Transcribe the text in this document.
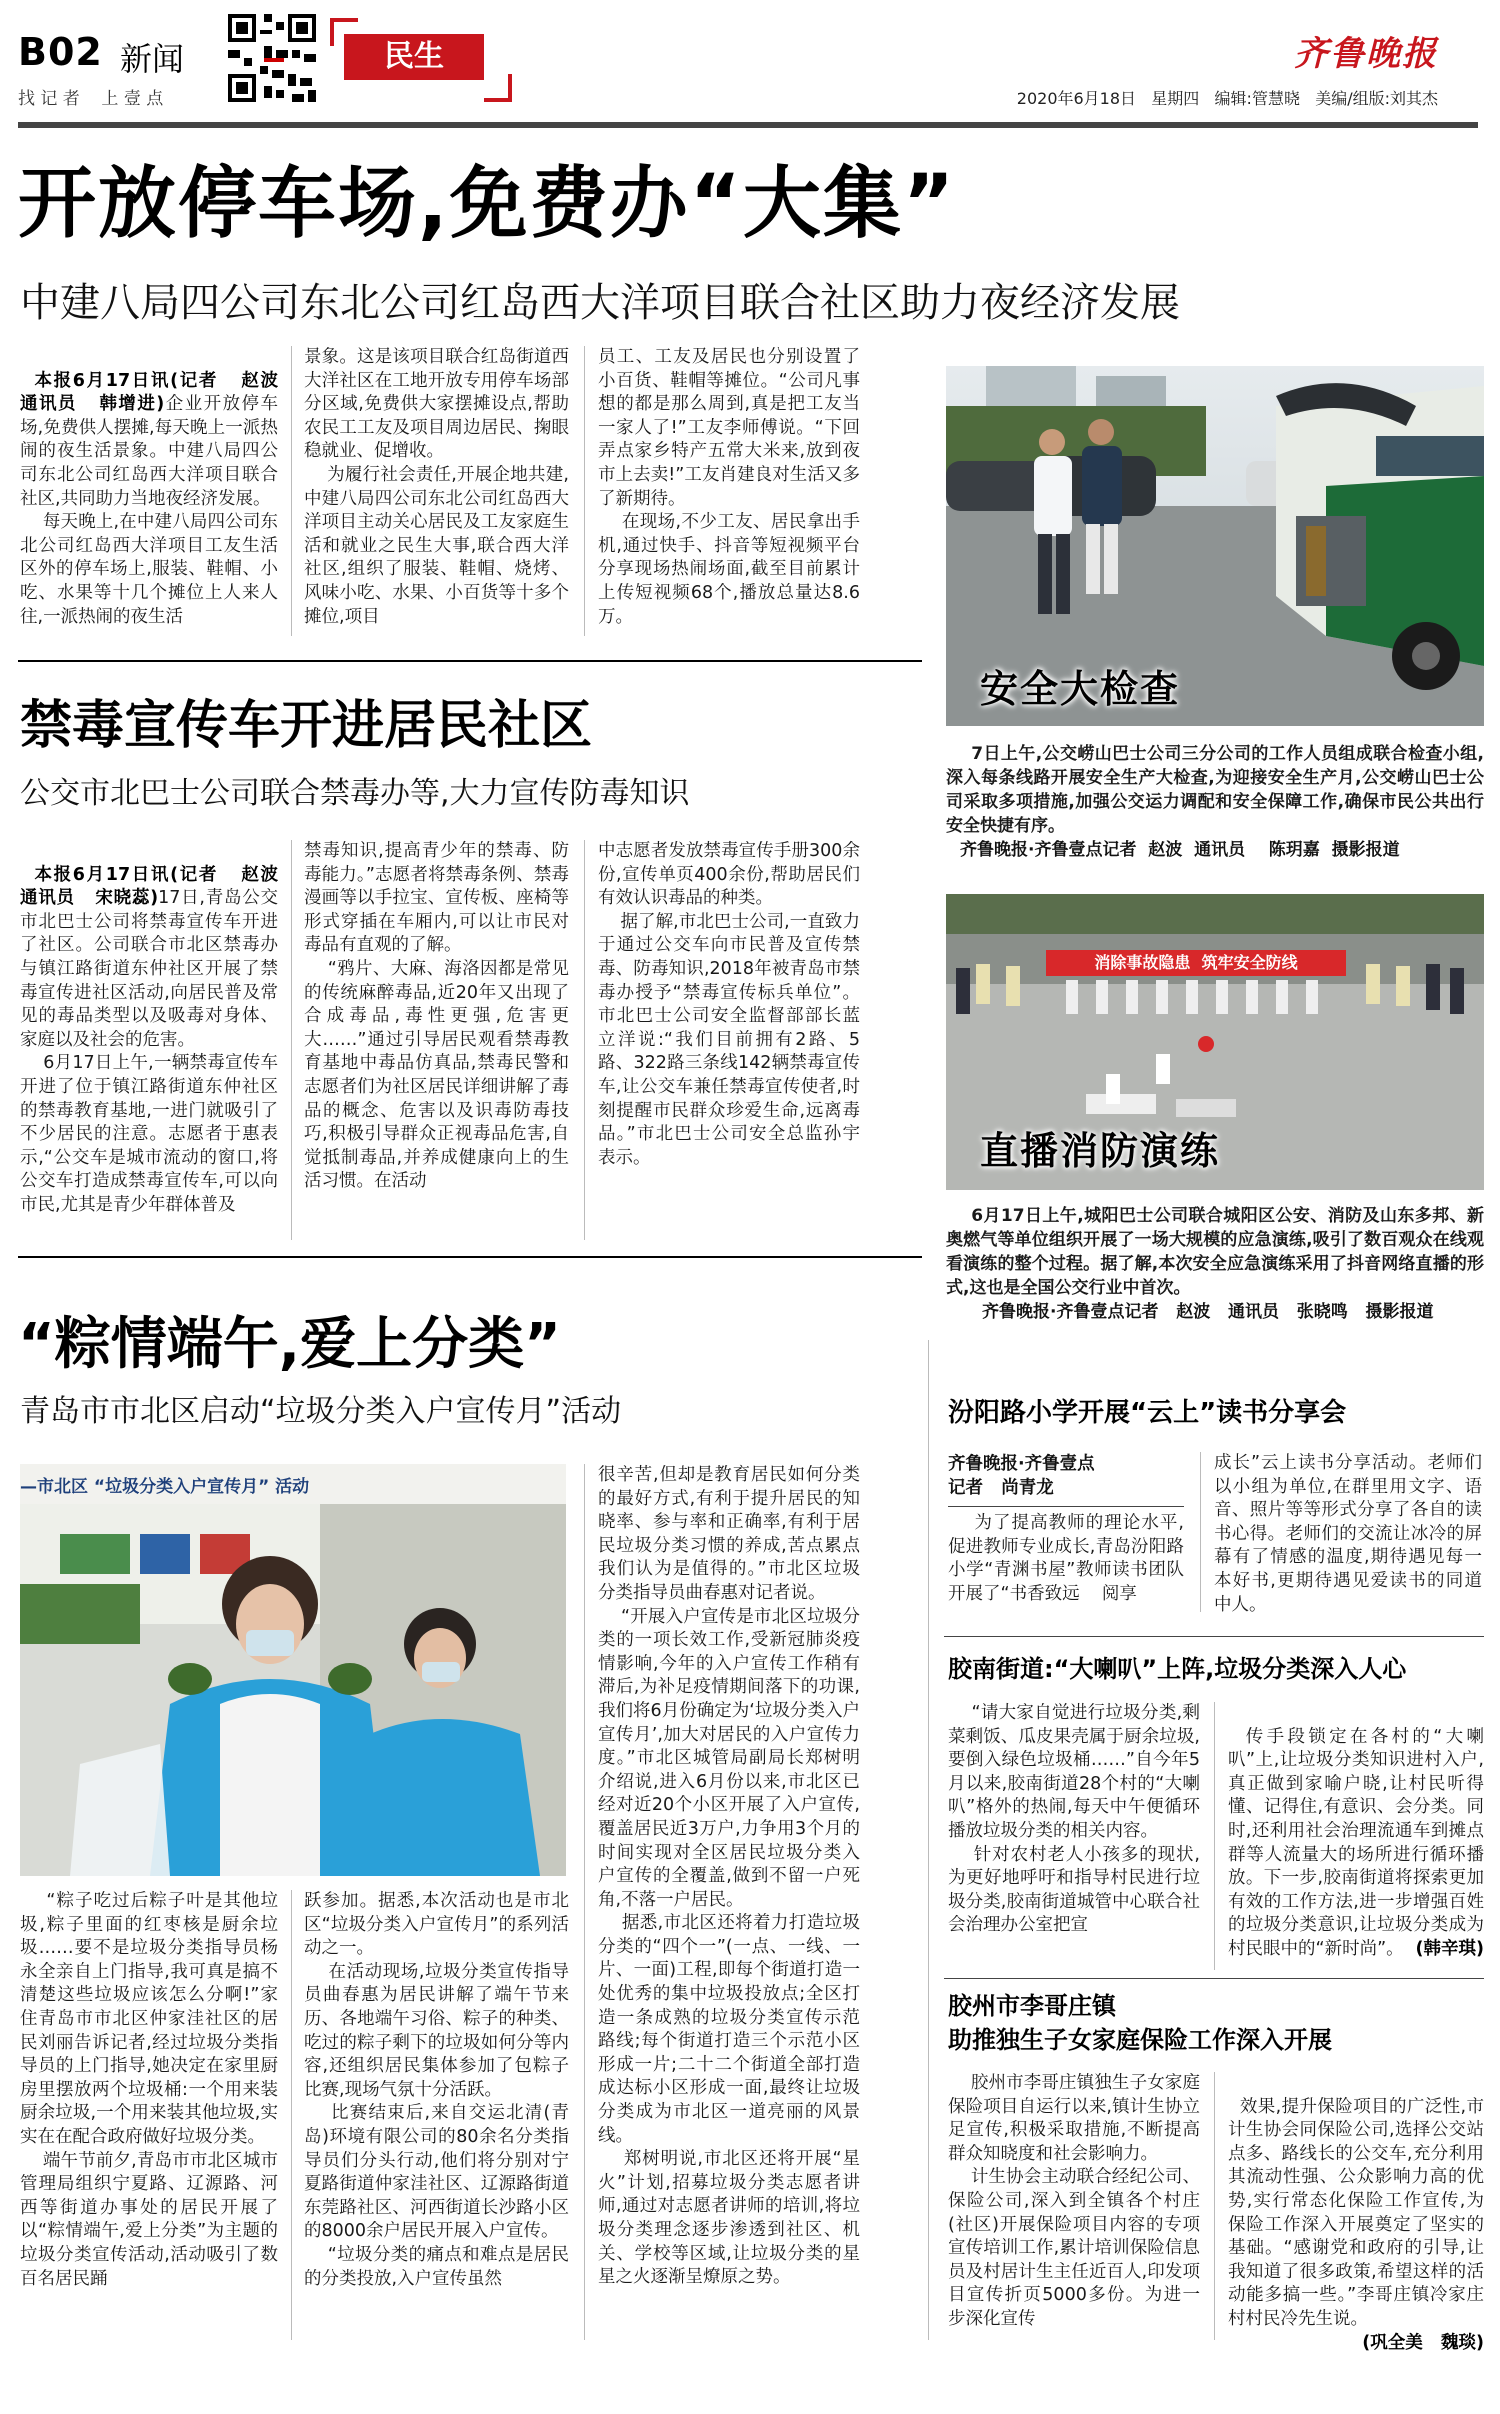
B02 新闻
找 记 者    上 壹 点
民生	齐鲁晚报
2020年6月18日   星期四   编辑:管慧晓   美编/组版:刘其杰
开放停车场,免费办“大集”
中建八局四公司东北公司红岛西大洋项目联合社区助力夜经济发展

本报6月17日讯(记者   赵波  通讯员   韩增进)企业开放停车场,免费供人摆摊,每天晚上一派热闹的夜生活景象。中建八局四公司东北公司红岛西大洋项目联合社区,共同助力当地夜经济发展。
每天晚上,在中建八局四公司东北公司红岛西大洋项目工友生活区外的停车场上,服装、鞋帽、小吃、水果等十几个摊位上人来人往,一派热闹的夜生活

景象。这是该项目联合红岛街道西大洋社区在工地开放专用停车场部分区域,免费供大家摆摊设点,帮助农民工工友及项目周边居民、掬眼稳就业、促增收。
为履行社会责任,开展企地共建,中建八局四公司东北公司红岛西大洋项目主动关心居民及工友家庭生活和就业之民生大事,联合西大洋社区,组织了服装、鞋帽、烧烤、风味小吃、水果、小百货等十多个摊位,项目
员工、工友及居民也分别设置了小百货、鞋帽等摊位。“公司凡事想的都是那么周到,真是把工友当一家人了!”工友李师傅说。“下回弄点家乡特产五常大米来,放到夜市上去卖!”工友肖建良对生活又多了新期待。
在现场,不少工友、居民拿出手机,通过快手、抖音等短视频平台分享现场热闹场面,截至目前累计上传短视频68个,播放总量达8.6万。
安全大检查
7日上午,公交崂山巴士公司三分公司的工作人员组成联合检查小组,深入每条线路开展安全生产大检查,为迎接安全生产月,公交崂山巴士公司采取多项措施,加强公交运力调配和安全保障工作,确保市民公共出行安全快捷有序。
齐鲁晚报·齐鲁壹点记者  赵波  通讯员    陈玥嘉  摄影报道
禁毒宣传车开进居民社区
公交市北巴士公司联合禁毒办等,大力宣传防毒知识

本报6月17日讯(记者   赵波  通讯员   宋晓蕊)17日,青岛公交市北巴士公司将禁毒宣传车开进了社区。公司联合市北区禁毒办与镇江路街道东仲社区开展了禁毒宣传进社区活动,向居民普及常见的毒品类型以及吸毒对身体、家庭以及社会的危害。
6月17日上午,一辆禁毒宣传车开进了位于镇江路街道东仲社区的禁毒教育基地,一进门就吸引了不少居民的注意。志愿者于惠表示,“公交车是城市流动的窗口,将公交车打造成禁毒宣传车,可以向市民,尤其是青少年群体普及

禁毒知识,提高青少年的禁毒、防毒能力。”志愿者将禁毒条例、禁毒漫画等以手拉宝、宣传板、座椅等形式穿插在车厢内,可以让市民对毒品有直观的了解。
“鸦片、大麻、海洛因都是常见的传统麻醉毒品,近20年又出现了合成毒品,毒性更强,危害更大……”通过引导居民观看禁毒教育基地中毒品仿真品,禁毒民警和志愿者们为社区居民详细讲解了毒品的概念、危害以及识毒防毒技巧,积极引导群众正视毒品危害,自觉抵制毒品,并养成健康向上的生活习惯。在活动
中志愿者发放禁毒宣传手册300余份,宣传单页400余份,帮助居民们有效认识毒品的种类。
据了解,市北巴士公司,一直致力于通过公交车向市民普及宣传禁毒、防毒知识,2018年被青岛市禁毒办授予“禁毒宣传标兵单位”。市北巴士公司安全监督部部长蓝立洋说:“我们目前拥有2路、5路、322路三条线142辆禁毒宣传车,让公交车兼任禁毒宣传使者,时刻提醒市民群众珍爱生命,远离毒品。”市北巴士公司安全总监孙宇表示。
消除事故隐患  筑牢安全防线
直播消防演练
6月17日上午,城阳巴士公司联合城阳区公安、消防及山东多邦、新奥燃气等单位组织开展了一场大规模的应急演练,吸引了数百观众在线观看演练的整个过程。据了解,本次安全应急演练采用了抖音网络直播的形式,这也是全国公交行业中首次。
齐鲁晚报·齐鲁壹点记者   赵波   通讯员   张晓鸣   摄影报道
“粽情端午,爱上分类”
青岛市市北区启动“垃圾分类入户宣传月”活动
—市北区 “垃圾分类入户宣传月” 活动
“粽子吃过后粽子叶是其他垃圾,粽子里面的红枣核是厨余垃圾……要不是垃圾分类指导员杨永全亲自上门指导,我可真是搞不清楚这些垃圾应该怎么分啊!”家住青岛市市北区仲家洼社区的居民刘丽告诉记者,经过垃圾分类指导员的上门指导,她决定在家里厨房里摆放两个垃圾桶:一个用来装厨余垃圾,一个用来装其他垃圾,实实在在配合政府做好垃圾分类。
端午节前夕,青岛市市北区城市管理局组织宁夏路、辽源路、河西等街道办事处的居民开展了以“粽情端午,爱上分类”为主题的垃圾分类宣传活动,活动吸引了数百名居民踊
跃参加。据悉,本次活动也是市北区“垃圾分类入户宣传月”的系列活动之一。
在活动现场,垃圾分类宣传指导员曲春惠为居民讲解了端午节来历、各地端午习俗、粽子的种类、吃过的粽子剩下的垃圾如何分等内容,还组织居民集体参加了包粽子比赛,现场气氛十分活跃。
比赛结束后,来自交运北清(青岛)环境有限公司的80余名分类指导员们分头行动,他们将分别对宁夏路街道仲家洼社区、辽源路街道东莞路社区、河西街道长沙路小区的8000余户居民开展入户宣传。
“垃圾分类的痛点和难点是居民的分类投放,入户宣传虽然
很辛苦,但却是教育居民如何分类的最好方式,有利于提升居民的知晓率、参与率和正确率,有利于居民垃圾分类习惯的养成,苦点累点我们认为是值得的。”市北区垃圾分类指导员曲春惠对记者说。
“开展入户宣传是市北区垃圾分类的一项长效工作,受新冠肺炎疫情影响,今年的入户宣传工作稍有滞后,为补足疫情期间落下的功课,我们将6月份确定为‘垃圾分类入户宣传月’,加大对居民的入户宣传力度。”市北区城管局副局长郑树明介绍说,进入6月份以来,市北区已经对近20个小区开展了入户宣传,覆盖居民近3万户,力争用3个月的时间实现对全区居民垃圾分类入户宣传的全覆盖,做到不留一户死角,不落一户居民。
据悉,市北区还将着力打造垃圾分类的“四个一”(一点、一线、一片、一面)工程,即每个街道打造一处优秀的集中垃圾投放点;全区打造一条成熟的垃圾分类宣传示范路线;每个街道打造三个示范小区形成一片;二十二个街道全部打造成达标小区形成一面,最终让垃圾分类成为市北区一道亮丽的风景线。
郑树明说,市北区还将开展“星火”计划,招募垃圾分类志愿者讲师,通过对志愿者讲师的培训,将垃圾分类理念逐步渗透到社区、机关、学校等区域,让垃圾分类的星星之火逐渐呈燎原之势。
汾阳路小学开展“云上”读书分享会
齐鲁晚报·齐鲁壹点
记者   尚青龙
为了提高教师的理论水平,促进教师专业成长,青岛汾阳路小学“青渊书屋”教师读书团队开展了“书香致远    阅享
成长”云上读书分享活动。老师们以小组为单位,在群里用文字、语音、照片等等形式分享了各自的读书心得。老师们的交流让冰冷的屏幕有了情感的温度,期待遇见每一本好书,更期待遇见爱读书的同道中人。
胶南街道:“大喇叭”上阵,垃圾分类深入人心
“请大家自觉进行垃圾分类,剩菜剩饭、瓜皮果壳属于厨余垃圾,要倒入绿色垃圾桶……”自今年5月以来,胶南街道28个村的“大喇叭”格外的热闹,每天中午便循环播放垃圾分类的相关内容。
针对农村老人小孩多的现状,为更好地呼吁和指导村民进行垃圾分类,胶南街道城管中心联合社会治理办公室把宣

传手段锁定在各村的“大喇叭”上,让垃圾分类知识进村入户,真正做到家喻户晓,让村民听得懂、记得住,有意识、会分类。同时,还利用社会治理流通车到摊点群等人流量大的场所进行循环播放。下一步,胶南街道将探索更加有效的工作方法,进一步增强百姓的垃圾分类意识,让垃圾分类成为村民眼中的“新时尚”。 (韩辛琪)

胶州市李哥庄镇
助推独生子女家庭保险工作深入开展
胶州市李哥庄镇独生子女家庭保险项目自运行以来,镇计生协立足宣传,积极采取措施,不断提高群众知晓度和社会影响力。
计生协会主动联合经纪公司、保险公司,深入到全镇各个村庄(社区)开展保险项目内容的专项宣传培训工作,累计培训保险信息员及村居计生主任近百人,印发项目宣传折页5000多份。为进一步深化宣传

效果,提升保险项目的广泛性,市计生协会同保险公司,选择公交站点多、路线长的公交车,充分利用其流动性强、公众影响力高的优势,实行常态化保险工作宣传,为保险工作深入开展奠定了坚实的基础。“感谢党和政府的引导,让我知道了很多政策,希望这样的活动能多搞一些。”李哥庄镇冷家庄村村民冷先生说。
(巩全美   魏琰)
